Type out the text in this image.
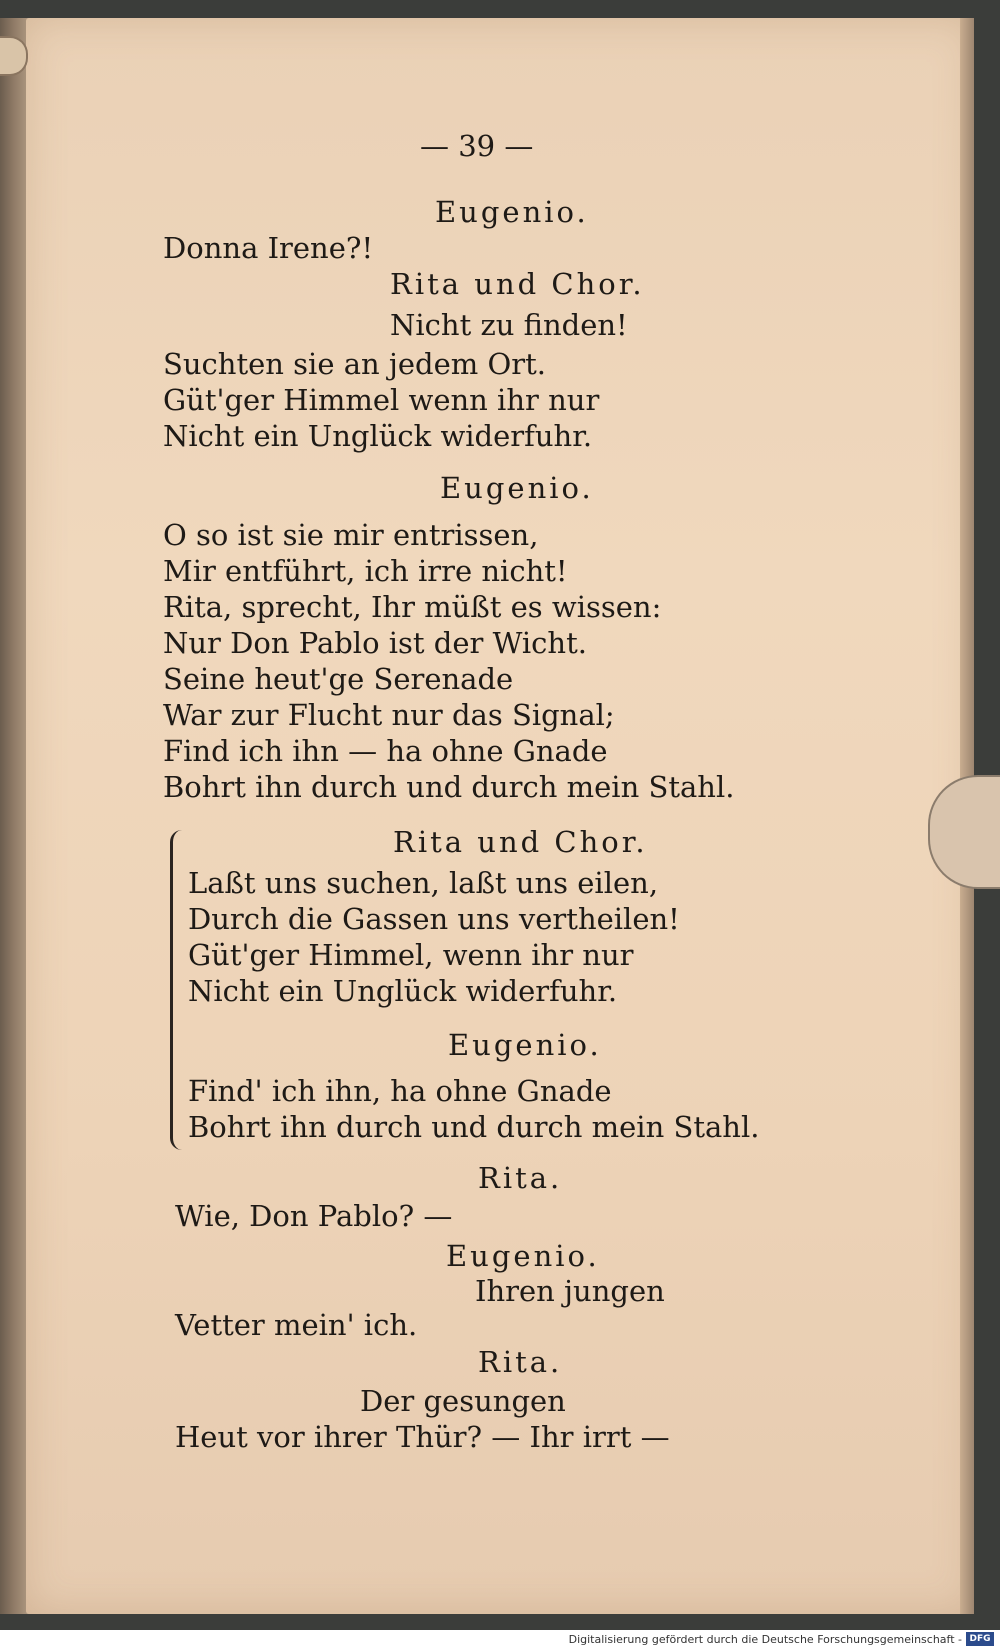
— 39 —
Eugenio.
Donna Irene?!
Rita und Chor.
Nicht zu finden!
Suchten sie an jedem Ort.
Güt'ger Himmel wenn ihr nur
Nicht ein Unglück widerfuhr.
Eugenio.
O so ist sie mir entrissen,
Mir entführt, ich irre nicht!
Rita, sprecht, Ihr müßt es wissen:
Nur Don Pablo ist der Wicht.
Seine heut'ge Serenade
War zur Flucht nur das Signal;
Find ich ihn — ha ohne Gnade
Bohrt ihn durch und durch mein Stahl.
Rita und Chor.
Laßt uns suchen, laßt uns eilen,
Durch die Gassen uns vertheilen!
Güt'ger Himmel, wenn ihr nur
Nicht ein Unglück widerfuhr.
Eugenio.
Find' ich ihn, ha ohne Gnade
Bohrt ihn durch und durch mein Stahl.
Rita.
Wie, Don Pablo? —
Eugenio.
Ihren jungen
Vetter mein' ich.
Rita.
Der gesungen
Heut vor ihrer Thür? — Ihr irrt —
Digitalisierung gefördert durch die Deutsche Forschungsgemeinschaft - DFG
